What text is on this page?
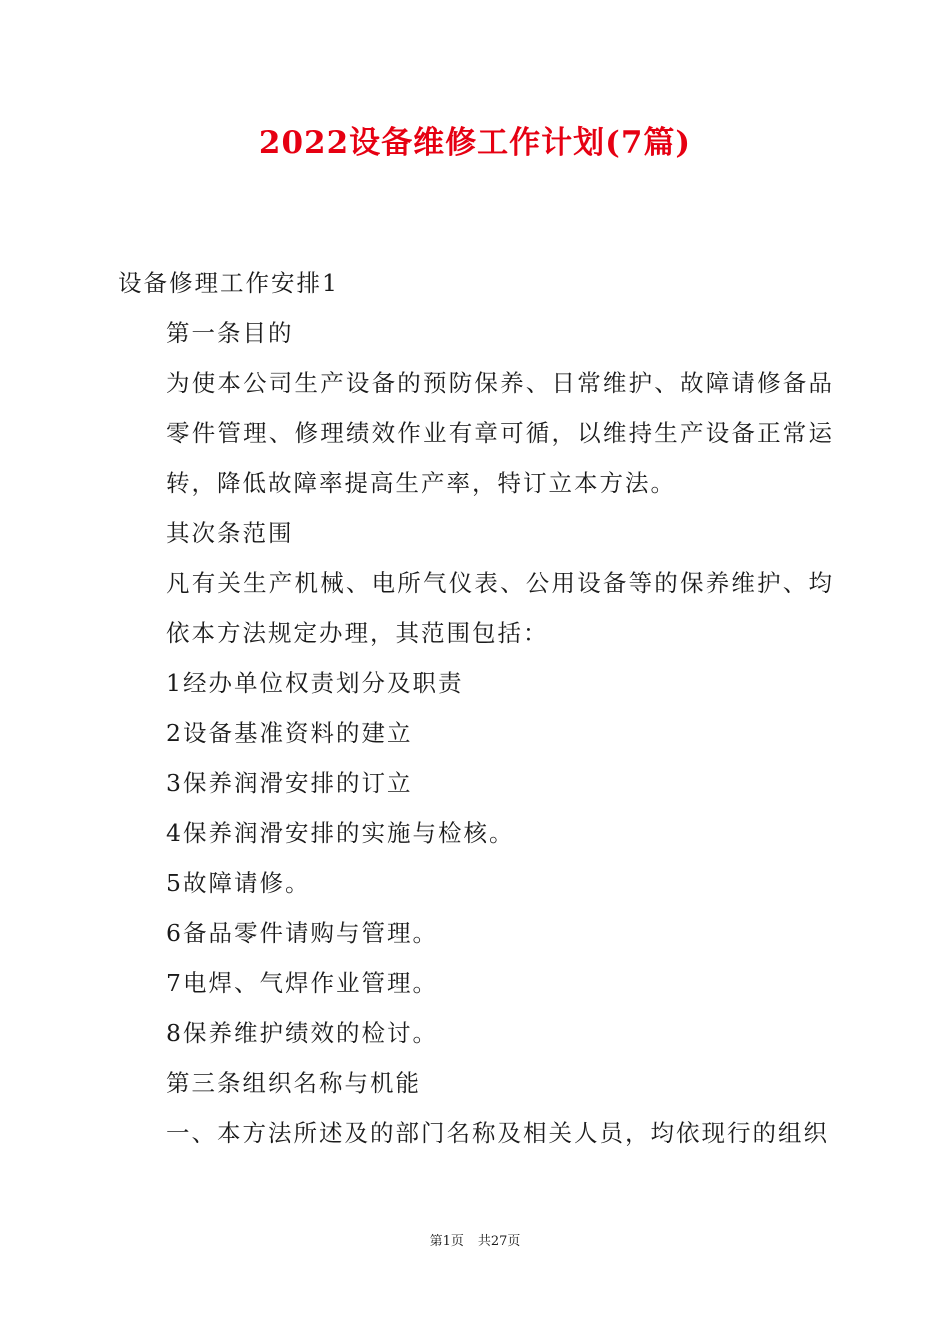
2022设备维修工作计划(7篇)

设备修理工作安排1

第一条目的

为使本公司生产设备的预防保养、日常维护、故障请修备品零件管理、修理绩效作业有章可循，以维持生产设备正常运转，降低故障率提高生产率，特订立本方法。

其次条范围

凡有关生产机械、电所气仪表、公用设备等的保养维护、均依本方法规定办理，其范围包括：

1经办单位权责划分及职责

2设备基准资料的建立

3保养润滑安排的订立

4保养润滑安排的实施与检核。

5故障请修。

6备品零件请购与管理。

7电焊、气焊作业管理。

8保养维护绩效的检讨。

第三条组织名称与机能

一、本方法所述及的部门名称及相关人员，均依现行的组织

第1页 共27页
